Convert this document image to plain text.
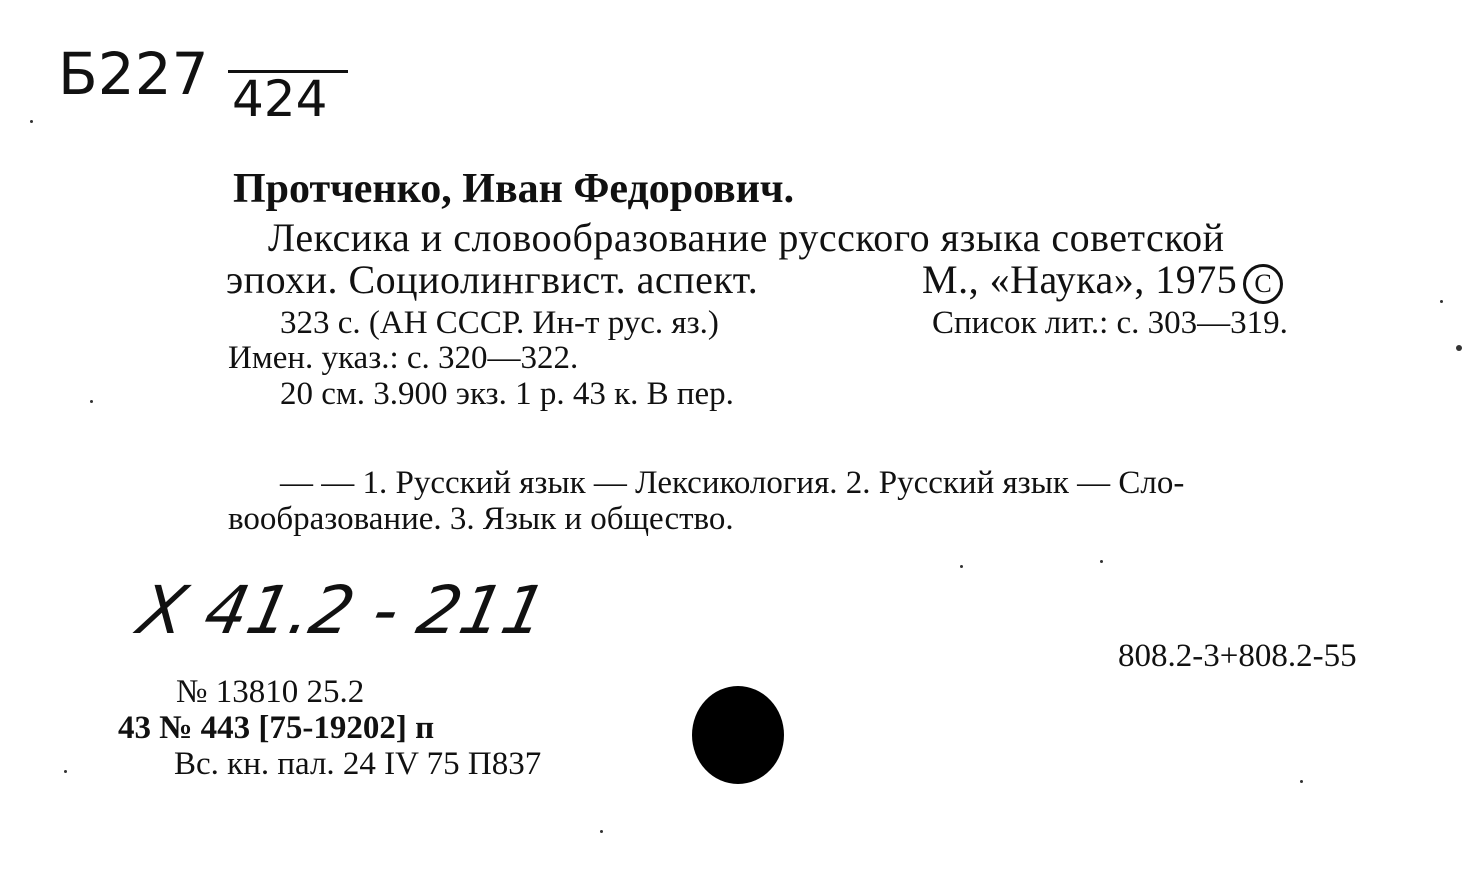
Б227 424
Протченко, Иван Федорович.
Лексика и словообразование русского языка советской
эпохи. Социолингвист. аспект.	М., «Наука», 1975 C
323 с. (АН СССР. Ин-т рус. яз.)	Список лит.: с. 303—319.
Имен. указ.: с. 320—322.
20 см. 3.900 экз. 1 р. 43 к. В пер.
— — 1. Русский язык — Лексикология. 2. Русский язык — Сло-
вообразование. 3. Язык и общество.
Х 41.2 - 211
808.2-3+808.2-55
№ 13810 25.2
43 № 443 [75-19202] п
Вс. кн. пал. 24 IV 75 П837
